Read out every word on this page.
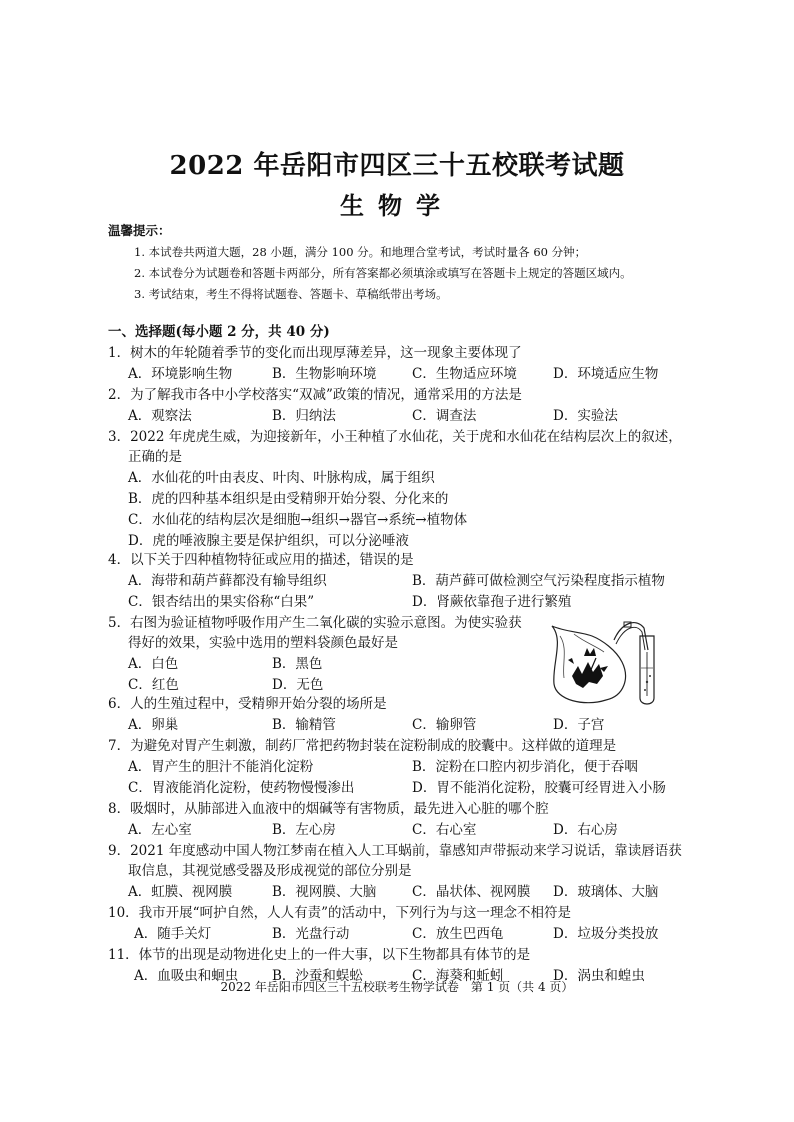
2022 年岳阳市四区三十五校联考试题
生物学
温馨提示：
1. 本试卷共两道大题，28 小题，满分 100 分。和地理合堂考试，考试时量各 60 分钟；
2. 本试卷分为试题卷和答题卡两部分，所有答案都必须填涂或填写在答题卡上规定的答题区域内。
3. 考试结束，考生不得将试题卷、答题卡、草稿纸带出考场。
一、选择题(每小题 2 分，共 40 分)
1．树木的年轮随着季节的变化而出现厚薄差异，这一现象主要体现了
A．环境影响生物	B．生物影响环境	C．生物适应环境	D．环境适应生物
2．为了解我市各中小学校落实“双减”政策的情况，通常采用的方法是
A．观察法	B．归纳法	C．调查法	D．实验法
3．2022 年虎虎生威，为迎接新年，小王种植了水仙花，关于虎和水仙花在结构层次上的叙述，
正确的是
A．水仙花的叶由表皮、叶肉、叶脉构成，属于组织
B．虎的四种基本组织是由受精卵开始分裂、分化来的
C．水仙花的结构层次是细胞→组织→器官→系统→植物体
D．虎的唾液腺主要是保护组织，可以分泌唾液
4．以下关于四种植物特征或应用的描述，错误的是
A．海带和葫芦藓都没有输导组织	B．葫芦藓可做检测空气污染程度指示植物
C．银杏结出的果实俗称“白果”	D．肾蕨依靠孢子进行繁殖
5．右图为验证植物呼吸作用产生二氧化碳的实验示意图。为使实验获
得好的效果，实验中选用的塑料袋颜色最好是
A．白色	B．黑色
C．红色	D．无色
6．人的生殖过程中，受精卵开始分裂的场所是
A．卵巢	B．输精管	C．输卵管	D．子宫
7．为避免对胃产生刺激，制药厂常把药物封装在淀粉制成的胶囊中。这样做的道理是
A．胃产生的胆汁不能消化淀粉	B．淀粉在口腔内初步消化，便于吞咽
C．胃液能消化淀粉，使药物慢慢渗出	D．胃不能消化淀粉，胶囊可经胃进入小肠
8．吸烟时，从肺部进入血液中的烟碱等有害物质，最先进入心脏的哪个腔
A．左心室	B．左心房	C．右心室	D．右心房
9．2021 年度感动中国人物江梦南在植入人工耳蜗前，靠感知声带振动来学习说话，靠读唇语获
取信息，其视觉感受器及形成视觉的部位分别是
A．虹膜、视网膜	B．视网膜、大脑	C．晶状体、视网膜 D．玻璃体、大脑
10．我市开展“呵护自然，人人有责”的活动中，下列行为与这一理念不相符是
A．随手关灯	B．光盘行动	C．放生巴西龟	D．垃圾分类投放
11．体节的出现是动物进化史上的一件大事，以下生物都具有体节的是
A．血吸虫和蛔虫	B．沙蚕和蜈蚣	C．海葵和蚯蚓	D．涡虫和蝗虫
2022 年岳阳市四区三十五校联考生物学试卷　第 1 页（共 4 页）
